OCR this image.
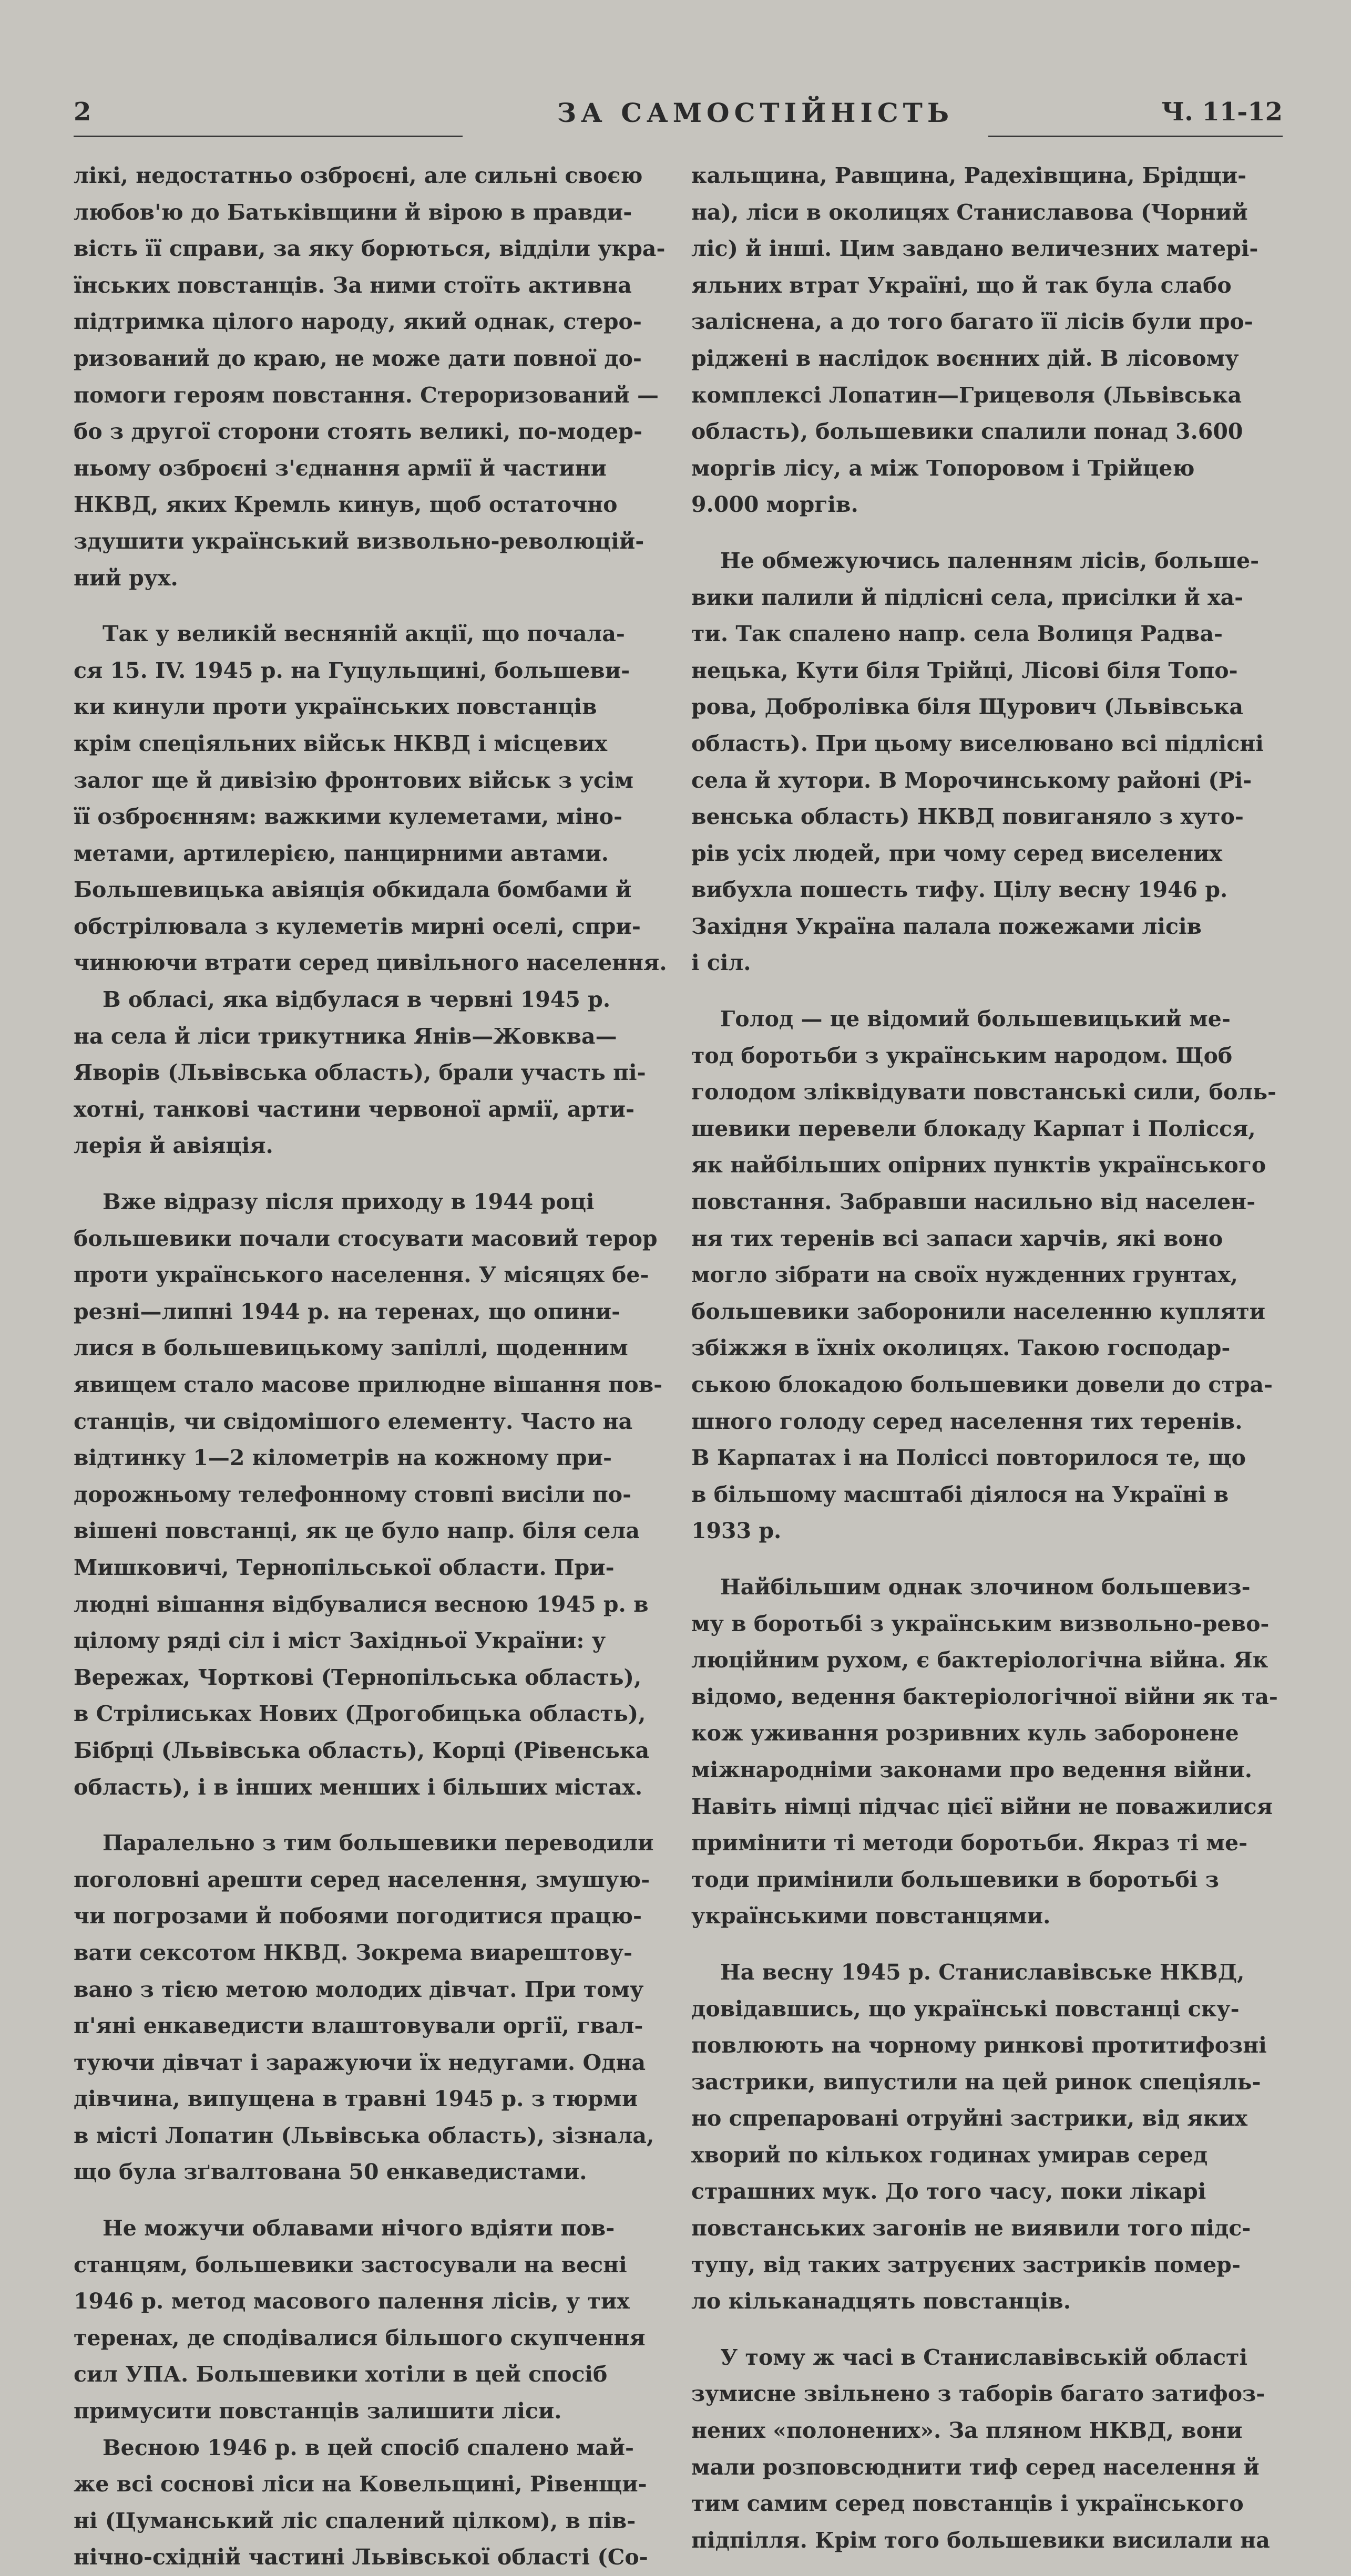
2	ЗА САМОСТІЙНІСТЬ	Ч. 11-12
лікі, недостатньо озброєні, але сильні своєю
любов'ю до Батьківщини й вірою в правди-
вість її справи, за яку борються, відділи укра-
їнських повстанців. За ними стоїть активна
підтримка цілого народу, який однак, стеро-
ризований до краю, не може дати повної до-
помоги героям повстання. Стероризований —
бо з другої сторони стоять великі, по-модер-
ньому озброєні з'єднання армії й частини
НКВД, яких Кремль кинув, щоб остаточно
здушити український визвольно-революцій-
ний рух.
Так у великій весняній акції, що почала-
ся 15. IV. 1945 р. на Гуцульщині, большеви-
ки кинули проти українських повстанців
крім спеціяльних військ НКВД і місцевих
залог ще й дивізію фронтових військ з усім
її озброєнням: важкими кулеметами, міно-
метами, артилерією, панцирними автами.
Большевицька авіяція обкидала бомбами й
обстрілювала з кулеметів мирні оселі, спри-
чинюючи втрати серед цивільного населення.
В обласі, яка відбулася в червні 1945 р.
на села й ліси трикутника Янів—Жовква—
Яворів (Львівська область), брали участь пі-
хотні, танкові частини червоної армії, арти-
лерія й авіяція.
Вже відразу після приходу в 1944 році
большевики почали стосувати масовий терор
проти українського населення. У місяцях бе-
резні—липні 1944 р. на теренах, що опини-
лися в большевицькому запіллі, щоденним
явищем стало масове прилюдне вішання пов-
станців, чи свідомішого елементу. Часто на
відтинку 1—2 кілометрів на кожному при-
дорожньому телефонному стовпі висіли по-
вішені повстанці, як це було напр. біля села
Мишковичі, Тернопільської области. При-
людні вішання відбувалися весною 1945 р. в
цілому ряді сіл і міст Західньої України: у
Вережах, Чорткові (Тернопільська область),
в Стрілиськах Нових (Дрогобицька область),
Бібрці (Львівська область), Корці (Рівенська
область), і в інших менших і більших містах.
Паралельно з тим большевики переводили
поголовні арешти серед населення, змушую-
чи погрозами й побоями погодитися працю-
вати сексотом НКВД. Зокрема виарештову-
вано з тією метою молодих дівчат. При тому
п'яні енкаведисти влаштовували оргії, гвал-
туючи дівчат і заражуючи їх недугами. Одна
дівчина, випущена в травні 1945 р. з тюрми
в місті Лопатин (Львівська область), зізнала,
що була зґвалтована 50 енкаведистами.
Не можучи облавами нічого вдіяти пов-
станцям, большевики застосували на весні
1946 р. метод масового палення лісів, у тих
теренах, де сподівалися більшого скупчення
сил УПА. Большевики хотіли в цей спосіб
примусити повстанців залишити ліси.
Весною 1946 р. в цей спосіб спалено май-
же всі соснові ліси на Ковельщині, Рівенщи-
ні (Цуманський ліс спалений цілком), в пів-
нічно-східній частині Львівської області (Со-
кальщина, Равщина, Радехівщина, Брідщи-
на), ліси в околицях Станиславова (Чорний
ліс) й інші. Цим завдано величезних матері-
яльних втрат Україні, що й так була слабо
заліснена, а до того багато її лісів були про-
ріджені в наслідок воєнних дій. В лісовому
комплексі Лопатин—Грицеволя (Львівська
область), большевики спалили понад 3.600
моргів лісу, а між Топоровом і Трійцею
9.000 моргів.
Не обмежуючись паленням лісів, больше-
вики палили й підлісні села, присілки й ха-
ти. Так спалено напр. села Волиця Радва-
нецька, Кути біля Трійці, Лісові біля Топо-
рова, Добролівка біля Щурович (Львівська
область). При цьому виселювано всі підлісні
села й хутори. В Морочинському районі (Рі-
венська область) НКВД повиганяло з хуто-
рів усіх людей, при чому серед виселених
вибухла пошесть тифу. Цілу весну 1946 р.
Західня Україна палала пожежами лісів
і сіл.
Голод — це відомий большевицький ме-
тод боротьби з українським народом. Щоб
голодом зліквідувати повстанські сили, боль-
шевики перевели блокаду Карпат і Полісся,
як найбільших опірних пунктів українського
повстання. Забравши насильно від населен-
ня тих теренів всі запаси харчів, які воно
могло зібрати на своїх нужденних грунтах,
большевики заборонили населенню купляти
збіжжя в їхніх околицях. Такою господар-
ською блокадою большевики довели до стра-
шного голоду серед населення тих теренів.
В Карпатах і на Поліссі повторилося те, що
в більшому масштабі діялося на Україні в
1933 р.
Найбільшим однак злочином большевиз-
му в боротьбі з українським визвольно-рево-
люційним рухом, є бактеріологічна війна. Як
відомо, ведення бактеріологічної війни як та-
кож уживання розривних куль заборонене
міжнародніми законами про ведення війни.
Навіть німці підчас цієї війни не поважилися
примінити ті методи боротьби. Якраз ті ме-
тоди примінили большевики в боротьбі з
українськими повстанцями.
На весну 1945 р. Станиславівське НКВД,
довідавшись, що українські повстанці ску-
повлюють на чорному ринкові протитифозні
застрики, випустили на цей ринок спеціяль-
но спрепаровані отруйні застрики, від яких
хворий по кількох годинах умирав серед
страшних мук. До того часу, поки лікарі
повстанських загонів не виявили того підс-
тупу, від таких затруєних застриків помер-
ло кільканадцять повстанців.
У тому ж часі в Станиславівській області
зумисне звільнено з таборів багато затифоз-
нених «полонених». За пляном НКВД, вони
мали розповсюднити тиф серед населення й
тим самим серед повстанців і українського
підпілля. Крім того большевики висилали на
